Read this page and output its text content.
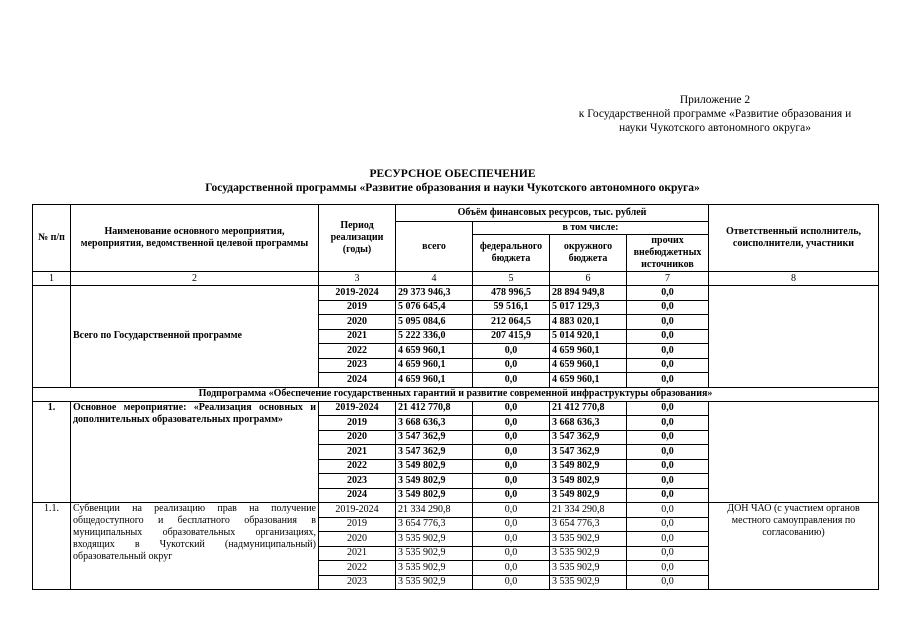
Приложение 2
к Государственной программе «Развитие образования и
науки Чукотского автономного округа»
РЕСУРСНОЕ ОБЕСПЕЧЕНИЕ
Государственной программы «Развитие образования и науки Чукотского автономного округа»
№ п/п	Наименование основного мероприятия, мероприятия, ведомственной целевой программы	Период реализации (годы)	Объём финансовых ресурсов, тыс. рублей				Ответственный исполнитель, соисполнители, участники
			всего	в том числе:			
				федерального бюджета	окружного бюджета	прочих внебюджетных источников	
1	2	3	4	5	6	7	8
	Всего по Государственной программе	2019-2024	29 373 946,3	478 996,5	28 894 949,8	0,0	
		2019	5 076 645,4	59 516,1	5 017 129,3	0,0	
		2020	5 095 084,6	212 064,5	4 883 020,1	0,0	
		2021	5 222 336,0	207 415,9	5 014 920,1	0,0	
		2022	4 659 960,1	0,0	4 659 960,1	0,0	
		2023	4 659 960,1	0,0	4 659 960,1	0,0	
		2024	4 659 960,1	0,0	4 659 960,1	0,0	
Подпрограмма «Обеспечение государственных гарантий и развитие современной инфраструктуры образования»							
1.	Основное мероприятие: «Реализация основных и дополнительных образовательных программ»	2019-2024	21 412 770,8	0,0	21 412 770,8	0,0	
		2019	3 668 636,3	0,0	3 668 636,3	0,0	
		2020	3 547 362,9	0,0	3 547 362,9	0,0	
		2021	3 547 362,9	0,0	3 547 362,9	0,0	
		2022	3 549 802,9	0,0	3 549 802,9	0,0	
		2023	3 549 802,9	0,0	3 549 802,9	0,0	
		2024	3 549 802,9	0,0	3 549 802,9	0,0	
1.1.	Субвенции на реализацию прав на получение общедоступного и бесплатного образования в муниципальных образовательных организациях, входящих в Чукотский (надмуниципальный) образовательный округ	2019-2024	21 334 290,8	0,0	21 334 290,8	0,0	ДОН ЧАО (с участием органов местного самоуправления по согласованию)
		2019	3 654 776,3	0,0	3 654 776,3	0,0	
		2020	3 535 902,9	0,0	3 535 902,9	0,0	
		2021	3 535 902,9	0,0	3 535 902,9	0,0	
		2022	3 535 902,9	0,0	3 535 902,9	0,0	
		2023	3 535 902,9	0,0	3 535 902,9	0,0	
